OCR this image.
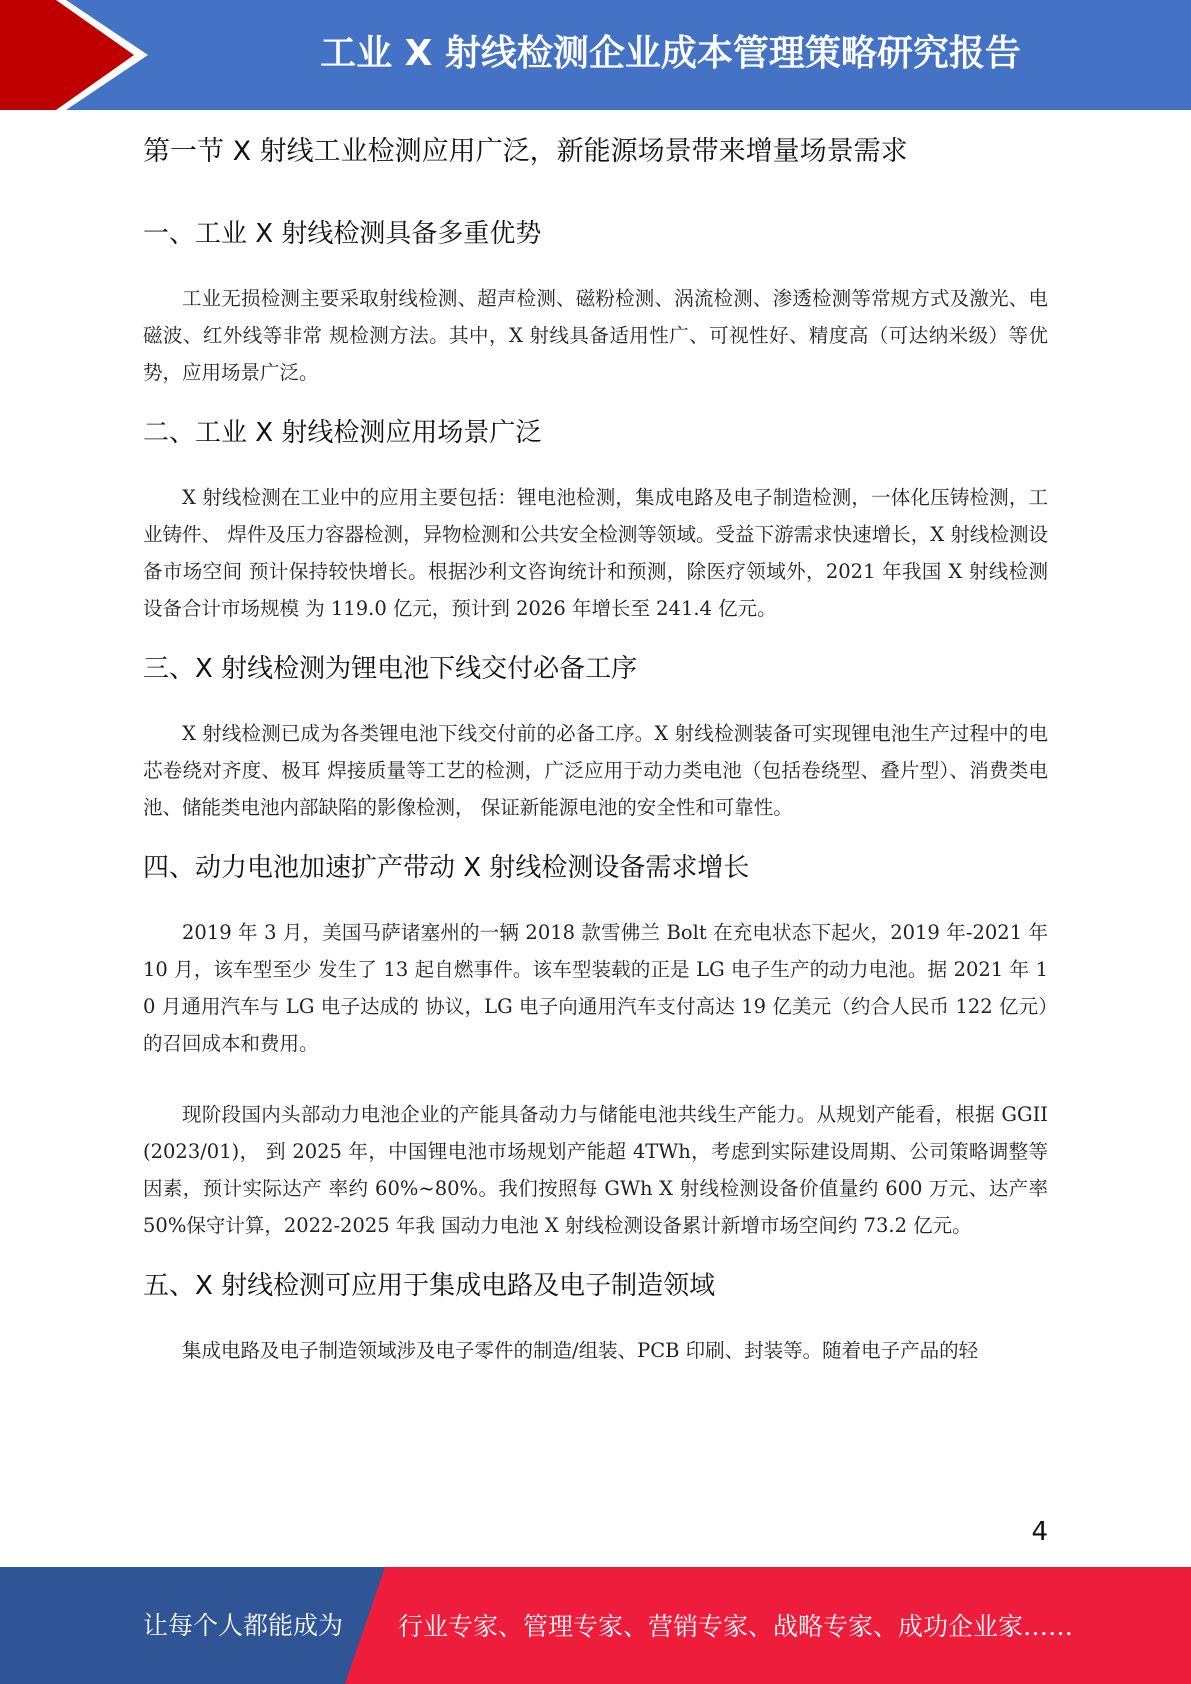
工业 X 射线检测企业成本管理策略研究报告
第一节 X 射线工业检测应用广泛，新能源场景带来增量场景需求
一、工业 X 射线检测具备多重优势

工业无损检测主要采取射线检测、超声检测、磁粉检测、涡流检测、渗透检测等常规方式及激光、电磁波、红外线等非常 规检测方法。其中，X 射线具备适用性广、可视性好、精度高（可达纳米级）等优势，应用场景广泛。

二、工业 X 射线检测应用场景广泛

X 射线检测在工业中的应用主要包括：锂电池检测，集成电路及电子制造检测，一体化压铸检测，工业铸件、 焊件及压力容器检测，异物检测和公共安全检测等领域。受益下游需求快速增长，X 射线检测设备市场空间 预计保持较快增长。根据沙利文咨询统计和预测，除医疗领域外，2021 年我国 X 射线检测设备合计市场规模 为 119.0 亿元，预计到 2026 年增长至 241.4 亿元。

三、X 射线检测为锂电池下线交付必备工序

X 射线检测已成为各类锂电池下线交付前的必备工序。X 射线检测装备可实现锂电池生产过程中的电芯卷绕对齐度、极耳 焊接质量等工艺的检测，广泛应用于动力类电池（包括卷绕型、叠片型）、消费类电池、储能类电池内部缺陷的影像检测， 保证新能源电池的安全性和可靠性。

四、动力电池加速扩产带动 X 射线检测设备需求增长

2019 年 3 月，美国马萨诸塞州的一辆 2018 款雪佛兰 Bolt 在充电状态下起火，2019 年-2021 年 10 月，该车型至少 发生了 13 起自燃事件。该车型装载的正是 LG 电子生产的动力电池。据 2021 年 10 月通用汽车与 LG 电子达成的 协议，LG 电子向通用汽车支付高达 19 亿美元（约合人民币 122 亿元）的召回成本和费用。

现阶段国内头部动力电池企业的产能具备动力与储能电池共线生产能力。从规划产能看，根据 GGII(2023/01)， 到 2025 年，中国锂电池市场规划产能超 4TWh，考虑到实际建设周期、公司策略调整等因素，预计实际达产 率约 60%~80%。我们按照每 GWh X 射线检测设备价值量约 600 万元、达产率 50%保守计算，2022-2025 年我 国动力电池 X 射线检测设备累计新增市场空间约 73.2 亿元。

五、X 射线检测可应用于集成电路及电子制造领域

集成电路及电子制造领域涉及电子零件的制造/组装、PCB 印刷、封装等。随着电子产品的轻

4
让每个人都能成为 行业专家、管理专家、营销专家、战略专家、成功企业家……
